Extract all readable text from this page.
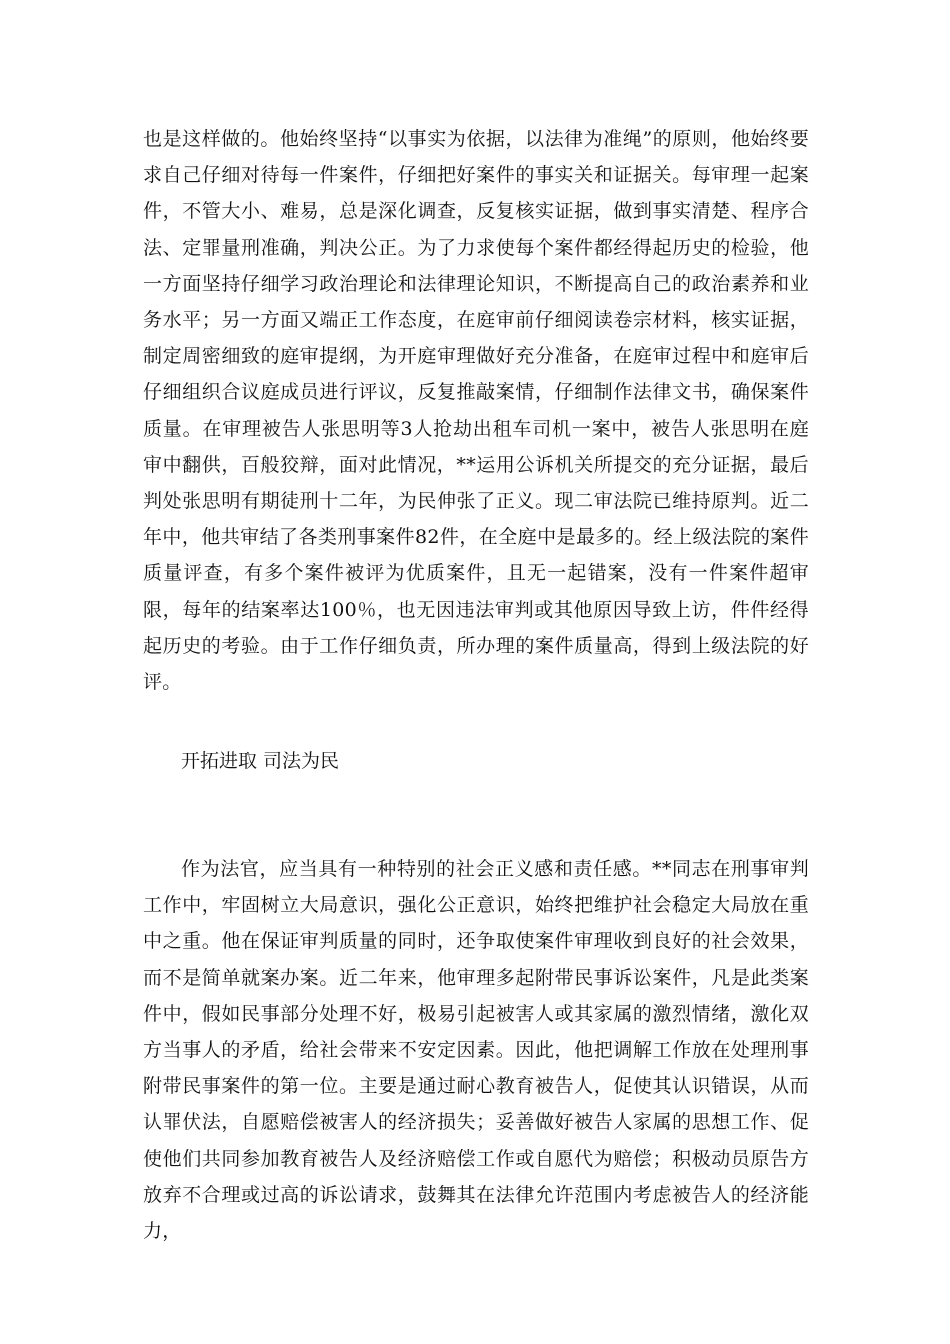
也是这样做的。他始终坚持“以事实为依据，以法律为准绳”的原则，他始终要求自己仔细对待每一件案件，仔细把好案件的事实关和证据关。每审理一起案件，不管大小、难易，总是深化调查，反复核实证据，做到事实清楚、程序合法、定罪量刑准确，判决公正。为了力求使每个案件都经得起历史的检验，他一方面坚持仔细学习政治理论和法律理论知识，不断提高自己的政治素养和业务水平；另一方面又端正工作态度，在庭审前仔细阅读卷宗材料，核实证据，制定周密细致的庭审提纲，为开庭审理做好充分准备，在庭审过程中和庭审后仔细组织合议庭成员进行评议，反复推敲案情，仔细制作法律文书，确保案件质量。在审理被告人张思明等3人抢劫出租车司机一案中，被告人张思明在庭审中翻供，百般狡辩，面对此情况，**运用公诉机关所提交的充分证据，最后判处张思明有期徒刑十二年，为民伸张了正义。现二审法院已维持原判。近二年中，他共审结了各类刑事案件82件，在全庭中是最多的。经上级法院的案件质量评查，有多个案件被评为优质案件，且无一起错案，没有一件案件超审限，每年的结案率达100％，也无因违法审判或其他原因导致上访，件件经得起历史的考验。由于工作仔细负责，所办理的案件质量高，得到上级法院的好评。

开拓进取 司法为民

作为法官，应当具有一种特别的社会正义感和责任感。**同志在刑事审判工作中，牢固树立大局意识，强化公正意识，始终把维护社会稳定大局放在重中之重。他在保证审判质量的同时，还争取使案件审理收到良好的社会效果，而不是简单就案办案。近二年来，他审理多起附带民事诉讼案件，凡是此类案件中，假如民事部分处理不好，极易引起被害人或其家属的激烈情绪，激化双方当事人的矛盾，给社会带来不安定因素。因此，他把调解工作放在处理刑事附带民事案件的第一位。主要是通过耐心教育被告人，促使其认识错误，从而认罪伏法，自愿赔偿被害人的经济损失；妥善做好被告人家属的思想工作、促使他们共同参加教育被告人及经济赔偿工作或自愿代为赔偿；积极动员原告方放弃不合理或过高的诉讼请求，鼓舞其在法律允许范围内考虑被告人的经济能力，
